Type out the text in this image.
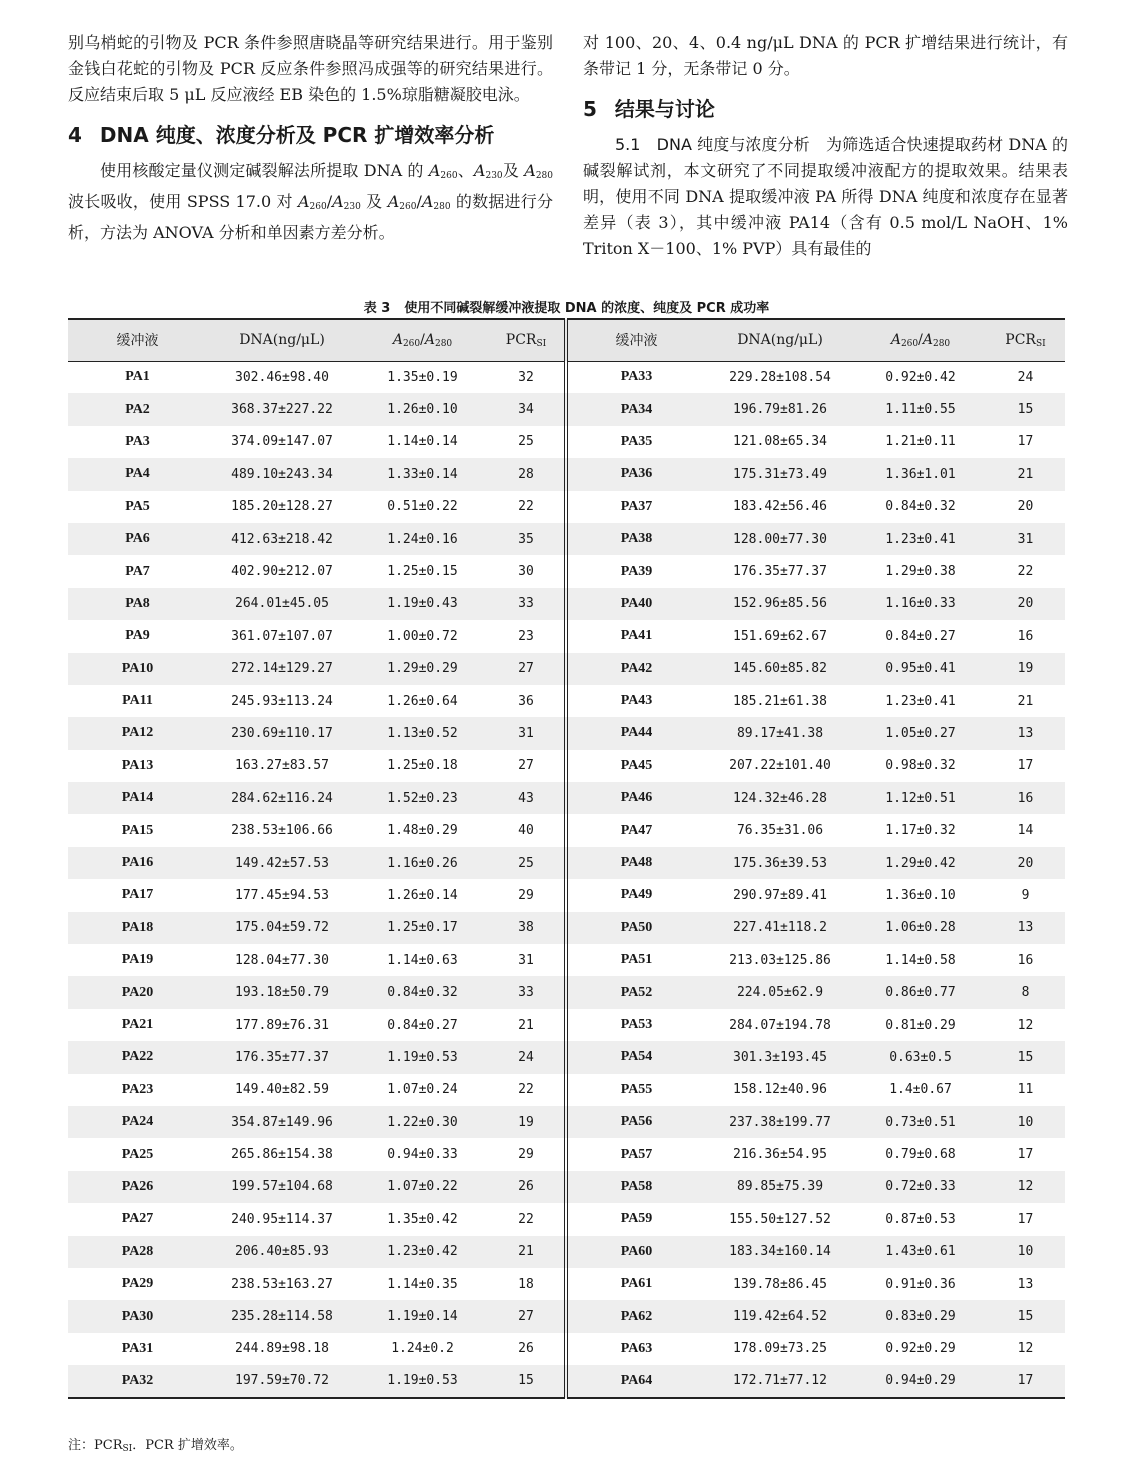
别乌梢蛇的引物及 PCR 条件参照唐晓晶等研究结果进行。用于鉴别金钱白花蛇的引物及 PCR 反应条件参照冯成强等的研究结果进行。反应结束后取 5 μL 反应液经 EB 染色的 1.5%琼脂糖凝胶电泳。

4 DNA 纯度、浓度分析及 PCR 扩增效率分析

使用核酸定量仪测定碱裂解法所提取 DNA 的 $A_{260}$、$A_{230}$及 $A_{280}$ 波长吸收，使用 SPSS 17.0 对 $A_{260}/A_{230}$ 及 $A_{260}/A_{280}$ 的数据进行分析，方法为 ANOVA 分析和单因素方差分析。

对 100、20、4、0.4 ng/μL DNA 的 PCR 扩增结果进行统计，有条带记 1 分，无条带记 0 分。

5 结果与讨论

5.1　DNA 纯度与浓度分析　为筛选适合快速提取药材 DNA 的碱裂解试剂，本文研究了不同提取缓冲液配方的提取效果。结果表明，使用不同 DNA 提取缓冲液 PA 所得 DNA 纯度和浓度存在显著差异（表 3），其中缓冲液 PA14（含有 0.5 mol/L NaOH、1% Triton X－100、1% PVP）具有最佳的

表 3 使用不同碱裂解缓冲液提取 DNA 的浓度、纯度及 PCR 成功率
缓冲液	DNA(ng/μL)	$A_{260}/A_{280}$	$PCR_{SI}$	缓冲液	DNA(ng/μL)	$A_{260}/A_{280}$	$PCR_{SI}$
PA1	302.46±98.40	1.35±0.19	32	PA33	229.28±108.54	0.92±0.42	24
PA2	368.37±227.22	1.26±0.10	34	PA34	196.79±81.26	1.11±0.55	15
PA3	374.09±147.07	1.14±0.14	25	PA35	121.08±65.34	1.21±0.11	17
PA4	489.10±243.34	1.33±0.14	28	PA36	175.31±73.49	1.36±1.01	21
PA5	185.20±128.27	0.51±0.22	22	PA37	183.42±56.46	0.84±0.32	20
PA6	412.63±218.42	1.24±0.16	35	PA38	128.00±77.30	1.23±0.41	31
PA7	402.90±212.07	1.25±0.15	30	PA39	176.35±77.37	1.29±0.38	22
PA8	264.01±45.05	1.19±0.43	33	PA40	152.96±85.56	1.16±0.33	20
PA9	361.07±107.07	1.00±0.72	23	PA41	151.69±62.67	0.84±0.27	16
PA10	272.14±129.27	1.29±0.29	27	PA42	145.60±85.82	0.95±0.41	19
PA11	245.93±113.24	1.26±0.64	36	PA43	185.21±61.38	1.23±0.41	21
PA12	230.69±110.17	1.13±0.52	31	PA44	89.17±41.38	1.05±0.27	13
PA13	163.27±83.57	1.25±0.18	27	PA45	207.22±101.40	0.98±0.32	17
PA14	284.62±116.24	1.52±0.23	43	PA46	124.32±46.28	1.12±0.51	16
PA15	238.53±106.66	1.48±0.29	40	PA47	76.35±31.06	1.17±0.32	14
PA16	149.42±57.53	1.16±0.26	25	PA48	175.36±39.53	1.29±0.42	20
PA17	177.45±94.53	1.26±0.14	29	PA49	290.97±89.41	1.36±0.10	9
PA18	175.04±59.72	1.25±0.17	38	PA50	227.41±118.2	1.06±0.28	13
PA19	128.04±77.30	1.14±0.63	31	PA51	213.03±125.86	1.14±0.58	16
PA20	193.18±50.79	0.84±0.32	33	PA52	224.05±62.9	0.86±0.77	8
PA21	177.89±76.31	0.84±0.27	21	PA53	284.07±194.78	0.81±0.29	12
PA22	176.35±77.37	1.19±0.53	24	PA54	301.3±193.45	0.63±0.5	15
PA23	149.40±82.59	1.07±0.24	22	PA55	158.12±40.96	1.4±0.67	11
PA24	354.87±149.96	1.22±0.30	19	PA56	237.38±199.77	0.73±0.51	10
PA25	265.86±154.38	0.94±0.33	29	PA57	216.36±54.95	0.79±0.68	17
PA26	199.57±104.68	1.07±0.22	26	PA58	89.85±75.39	0.72±0.33	12
PA27	240.95±114.37	1.35±0.42	22	PA59	155.50±127.52	0.87±0.53	17
PA28	206.40±85.93	1.23±0.42	21	PA60	183.34±160.14	1.43±0.61	10
PA29	238.53±163.27	1.14±0.35	18	PA61	139.78±86.45	0.91±0.36	13
PA30	235.28±114.58	1.19±0.14	27	PA62	119.42±64.52	0.83±0.29	15
PA31	244.89±98.18	1.24±0.2	26	PA63	178.09±73.25	0.92±0.29	12
PA32	197.59±70.72	1.19±0.53	15	PA64	172.71±77.12	0.94±0.29	17
注：$PCR_{SI}$．PCR 扩增效率。
